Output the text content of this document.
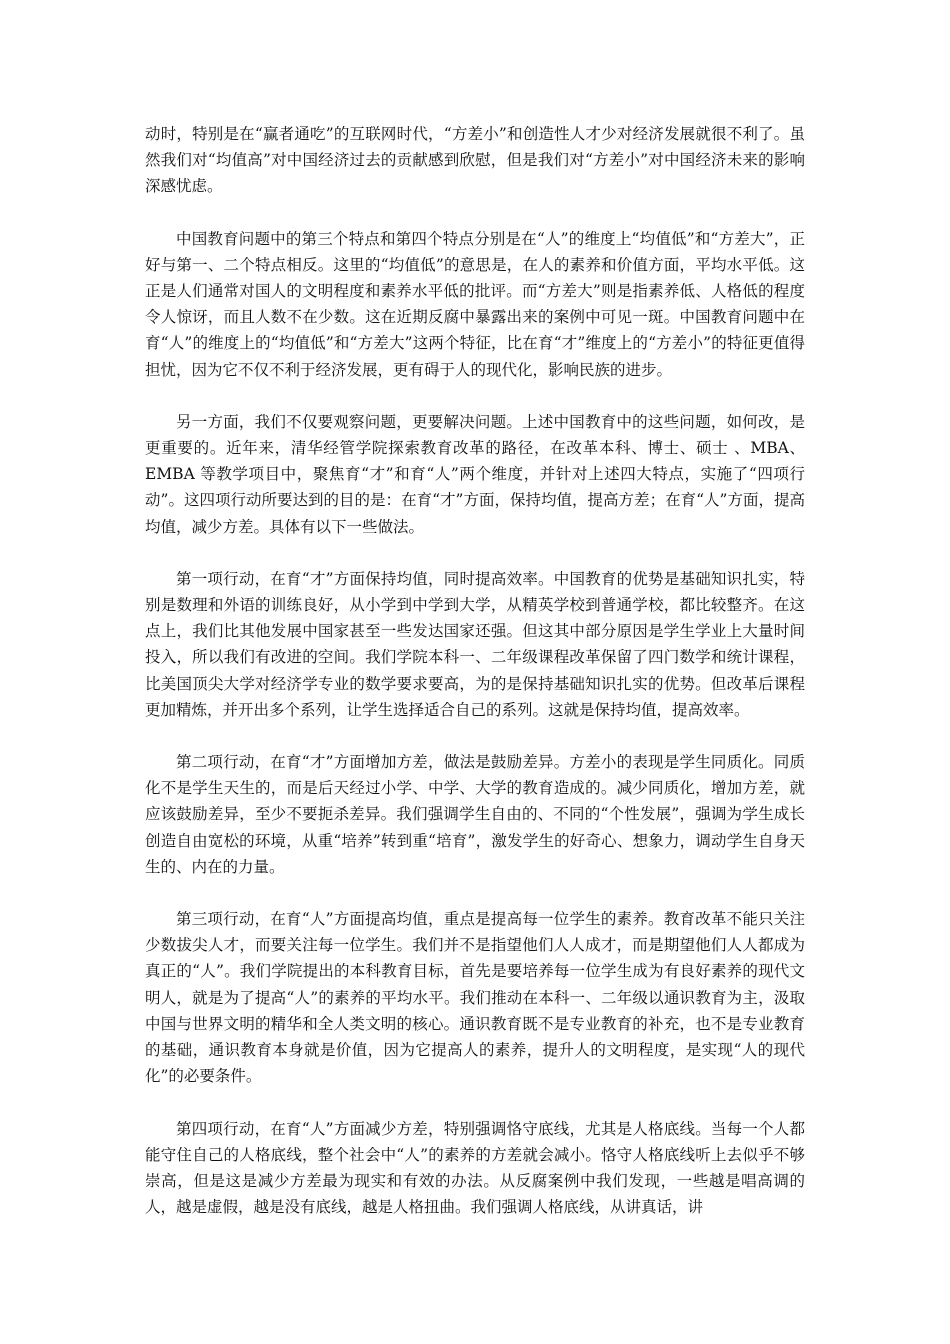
动时，特别是在“赢者通吃”的互联网时代，“方差小”和创造性人才少对经济发展就很不利了。虽然我们对“均值高”对中国经济过去的贡献感到欣慰，但是我们对“方差小”对中国经济未来的影响深感忧虑。

中国教育问题中的第三个特点和第四个特点分别是在“人”的维度上“均值低”和“方差大”，正好与第一、二个特点相反。这里的“均值低”的意思是，在人的素养和价值方面，平均水平低。这正是人们通常对国人的文明程度和素养水平低的批评。而“方差大”则是指素养低、人格低的程度令人惊讶，而且人数不在少数。这在近期反腐中暴露出来的案例中可见一斑。中国教育问题中在育“人”的维度上的“均值低”和“方差大”这两个特征，比在育“才”维度上的“方差小”的特征更值得担忧，因为它不仅不利于经济发展，更有碍于人的现代化，影响民族的进步。

另一方面，我们不仅要观察问题，更要解决问题。上述中国教育中的这些问题，如何改，是更重要的。近年来，清华经管学院探索教育改革的路径，在改革本科、博士、硕士 、MBA、EMBA 等教学项目中，聚焦育“才”和育“人”两个维度，并针对上述四大特点，实施了“四项行动”。这四项行动所要达到的目的是：在育“才”方面，保持均值，提高方差；在育“人”方面，提高均值，减少方差。具体有以下一些做法。

第一项行动，在育“才”方面保持均值，同时提高效率。中国教育的优势是基础知识扎实，特别是数理和外语的训练良好，从小学到中学到大学，从精英学校到普通学校，都比较整齐。在这点上，我们比其他发展中国家甚至一些发达国家还强。但这其中部分原因是学生学业上大量时间投入，所以我们有改进的空间。我们学院本科一、二年级课程改革保留了四门数学和统计课程，比美国顶尖大学对经济学专业的数学要求要高，为的是保持基础知识扎实的优势。但改革后课程更加精炼，并开出多个系列，让学生选择适合自己的系列。这就是保持均值，提高效率。

第二项行动，在育“才”方面增加方差，做法是鼓励差异。方差小的表现是学生同质化。同质化不是学生天生的，而是后天经过小学、中学、大学的教育造成的。减少同质化，增加方差，就应该鼓励差异，至少不要扼杀差异。我们强调学生自由的、不同的“个性发展”，强调为学生成长创造自由宽松的环境，从重“培养”转到重“培育”，激发学生的好奇心、想象力，调动学生自身天生的、内在的力量。

第三项行动，在育“人”方面提高均值，重点是提高每一位学生的素养。教育改革不能只关注少数拔尖人才，而要关注每一位学生。我们并不是指望他们人人成才，而是期望他们人人都成为真正的“人”。我们学院提出的本科教育目标，首先是要培养每一位学生成为有良好素养的现代文明人，就是为了提高“人”的素养的平均水平。我们推动在本科一、二年级以通识教育为主，汲取中国与世界文明的精华和全人类文明的核心。通识教育既不是专业教育的补充，也不是专业教育的基础，通识教育本身就是价值，因为它提高人的素养，提升人的文明程度，是实现“人的现代化”的必要条件。

第四项行动，在育“人”方面减少方差，特别强调恪守底线，尤其是人格底线。当每一个人都能守住自己的人格底线，整个社会中“人”的素养的方差就会减小。恪守人格底线听上去似乎不够崇高，但是这是减少方差最为现实和有效的办法。从反腐案例中我们发现，一些越是唱高调的人，越是虚假，越是没有底线，越是人格扭曲。我们强调人格底线，从讲真话，讲
